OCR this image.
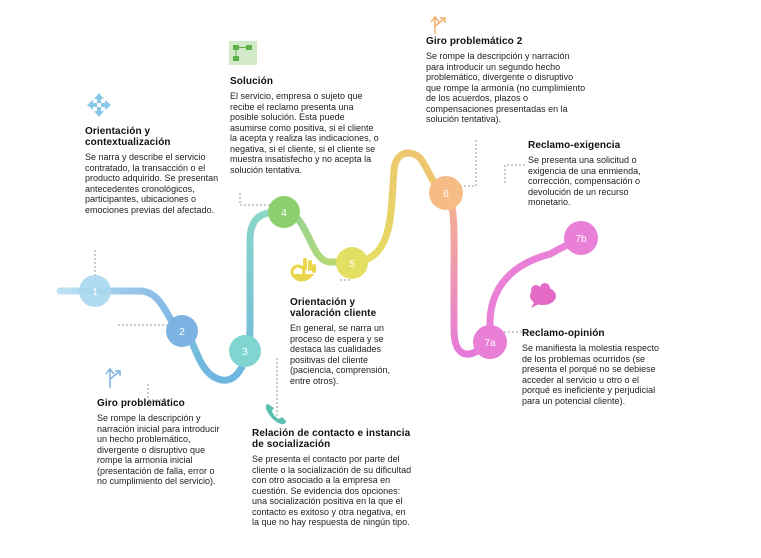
1
2
3
4
5
6
7a
7b
Orientación y contextualización

Se narra y describe el servicio contratado, la transacción o el producto adquirido. Se presentan antecedentes cronológicos, participantes, ubicaciones o emociones previas del afectado.

Solución

El servicio, empresa o sujeto que recibe el reclamo presenta una posible solución. Esta puede asumirse como positiva, si el cliente la acepta y realiza las indicaciones, o negativa, si el cliente, si el cliente se muestra insatisfecho y no acepta la solución tentativa.

Giro problemático 2

Se rompe la descripción y narración para introducir un segundo hecho problemático, divergente o disruptivo que rompe la armonía (no cumplimiento de los acuerdos, plazos o compensaciones presentadas en la solución tentativa).

Reclamo-exigencia

Se presenta una solicitud o exigencia de una enmienda, corrección, compensación o devolución de un recurso monetario.

Orientación y valoración cliente

En general, se narra un proceso de espera y se destaca las cualidades positivas del cliente (paciencia, comprensión, entre otros).

Reclamo-opinión

Se manifiesta la molestia respecto de los problemas ocurridos (se presenta el porqué no se debiese acceder al servicio u otro o el porqué es ineficiente y perjudicial para un potencial cliente).

Giro problemático

Se rompe la descripción y narración inicial para introducir un hecho problemático, divergente o disruptivo que rompe la armonía inicial (presentación de falla, error o no cumplimiento del servicio).

Relación de contacto e instancia de socialización

Se presenta el contacto por parte del cliente o la socialización de su dificultad con otro asociado a la empresa en cuestión. Se evidencia dos opciones: una socialización positiva en la que el contacto es exitoso y otra negativa, en la que no hay respuesta de ningún tipo.
